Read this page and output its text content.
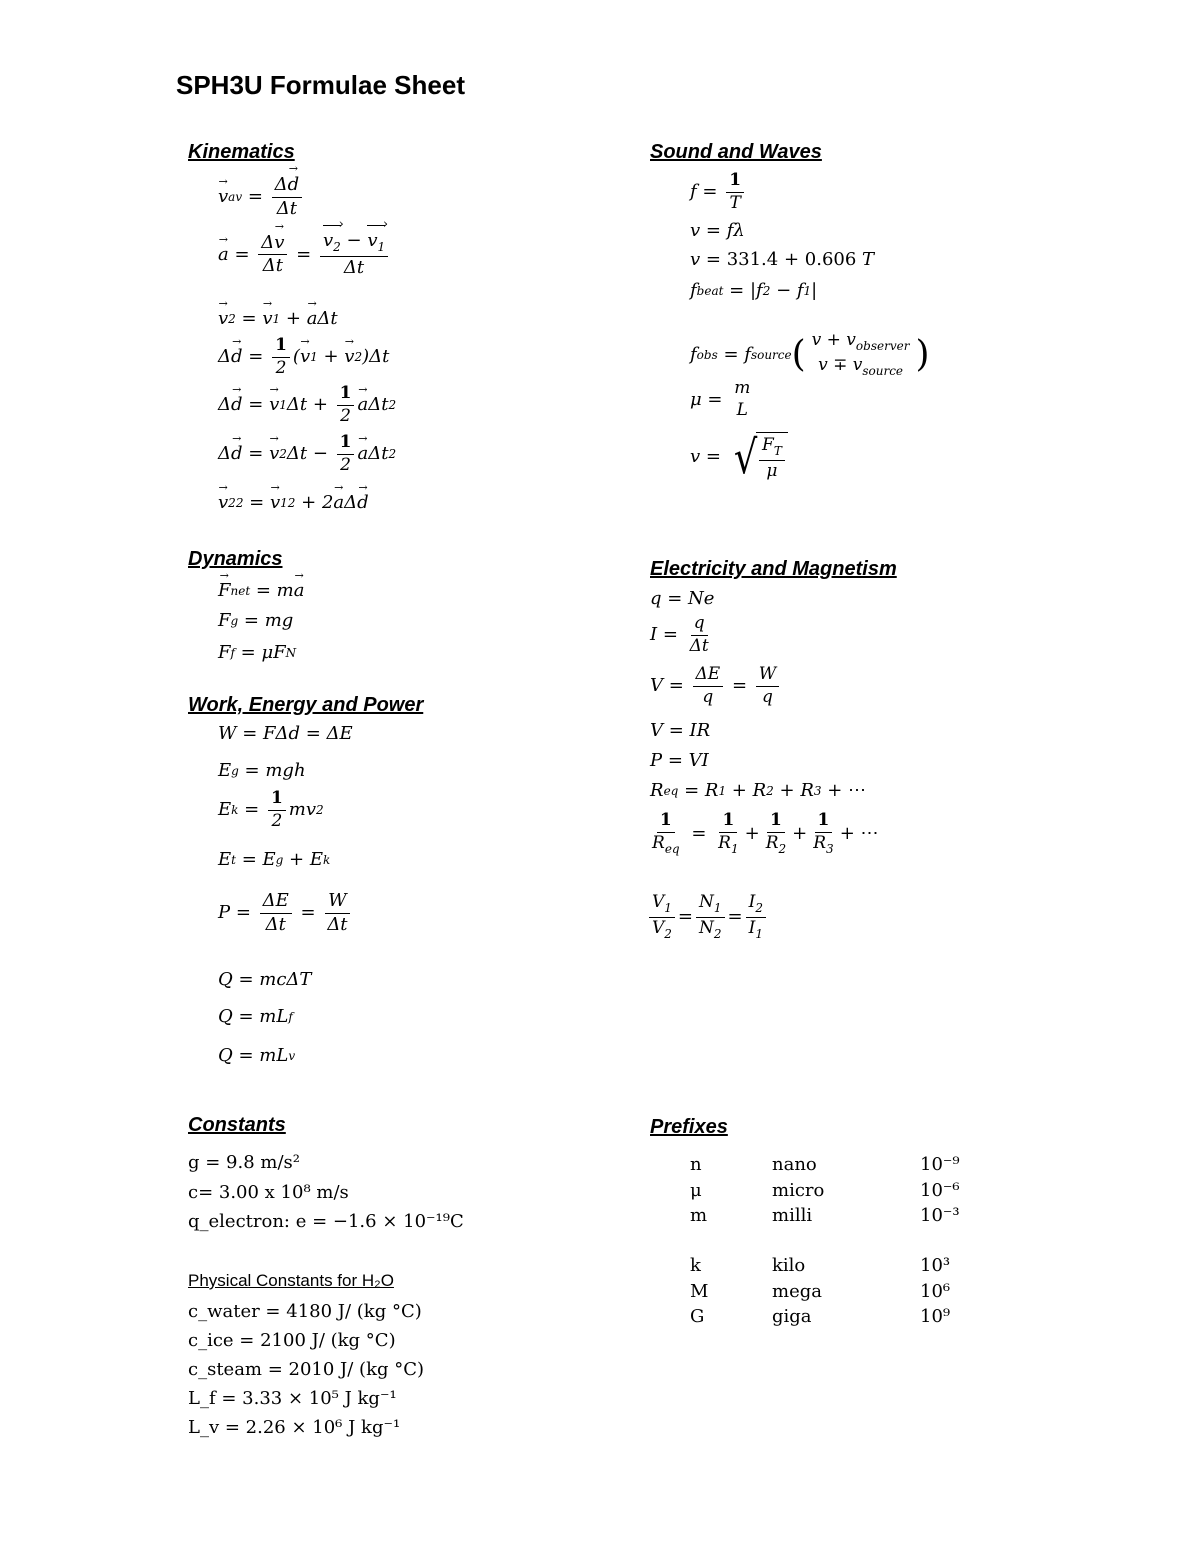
SPH3U Formulae Sheet
Kinematics
Dynamics
Work, Energy and Power
Sound and Waves
Electricity and Magnetism
Constants	Prefixes
→ v av = $\frac{\Delta\to d}{\Delta t}$
→ $a = \frac{\Delta\to v}{\Delta t} = \frac{v_2 › - v_1 ›}{\Delta t}$
→ v 2 =
→ v 1 +
→ a Δt
Δ
→ $d = \frac{1}{2}$ (
→ v 1 +
→ v 2 )Δt
Δ
→ d =
→ v 1 $\Delta t + \frac{1}{2}$
→ a Δt 2
Δ
→ d =
→ v 2 $\Delta t - \frac{1}{2}$
→ a Δt 2
→ v 2 2 =
→ v 1 2 + 2
→ a Δ
→ d
→ F net = m
→ a
F g = mg
F f = μF N
W = FΔd = ΔE
E g = mgh
E $k = \frac{1}{2}$ mv 2
E t = E g + E k
$P = \frac{\Delta E}{\Delta t} = \frac{W}{\Delta t}$
Q = mcΔT
Q = mL f
Q = mL v
$f = \frac{1}{T}$
v = fλ
v = 331.4 + 0.606 T
f beat = |f 2 − f 1 |
f obs = f source ( $v + v_{observer}$
$v \mp v_{source}$ )
μ =
m
L
v = √ $\frac{F_T}{\mu}$
q = Ne
$I = \frac{q}{\Delta t}$
$V = \frac{\Delta E}{q} = \frac{W}{q}$
V = IR
P = VI
R eq = R 1 + R 2 + R 3 + ⋯
$\frac{1}{R_{eq}} = \frac{1}{R_1} + \frac{1}{R_2} + \frac{1}{R_3}$ + ⋯
$\frac{V_1}{V_2} = \frac{N_1}{N_2} = \frac{I_2}{I_1}$
g = 9.8 m/s²
c= 3.00 x 10⁸ m/s
q_electron: e = −1.6 × 10⁻¹⁹C
Physical Constants for H₂O
c_water = 4180 J/ (kg °C)
c_ice = 2100 J/ (kg °C)
c_steam = 2010 J/ (kg °C)
L_f = 3.33 × 10⁵ J kg⁻¹
L_v = 2.26 × 10⁶ J kg⁻¹
n	nano	10⁻⁹
μ	micro	10⁻⁶
m	milli	10⁻³
k	kilo	10³
M	mega	10⁶
G	giga	10⁹
